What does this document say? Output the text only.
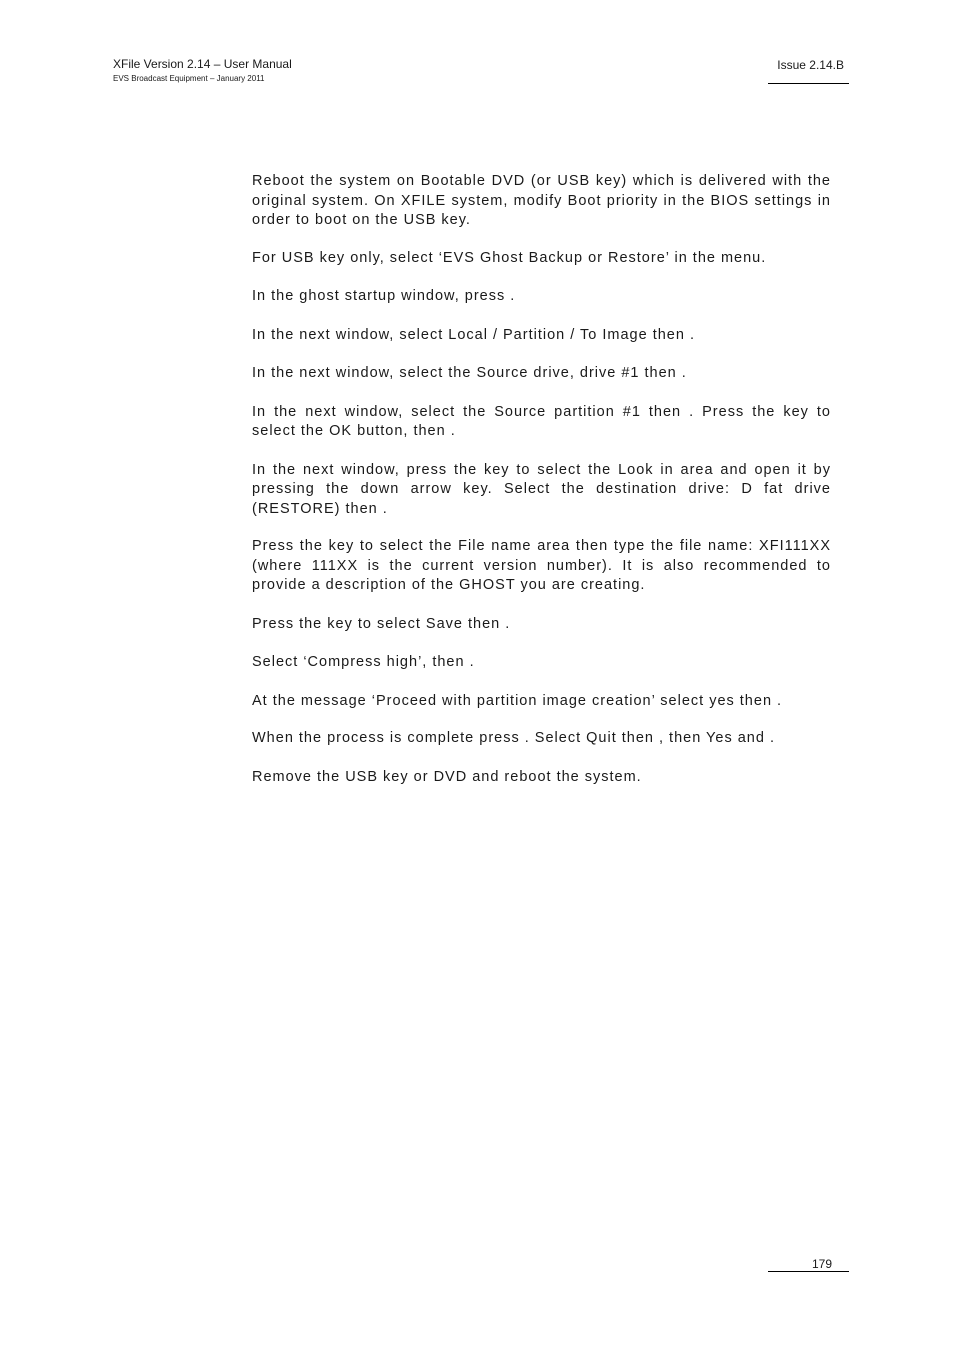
XFile Version 2.14 – User Manual
EVS Broadcast Equipment – January 2011
Issue 2.14.B

Reboot the system on Bootable DVD (or USB key) which is delivered with the original system. On XFILE system, modify Boot priority in the BIOS settings in order to boot on the USB key.

For USB key only, select ‘EVS Ghost Backup or Restore’ in the menu.

In the ghost startup window, press .

In the next window, select Local / Partition / To Image then .

In the next window, select the Source drive, drive #1 then .

In the next window, select the Source partition #1 then . Press the key to select the OK button, then .

In the next window, press the key to select the Look in area and open it by pressing the down arrow key. Select the destination drive: D fat drive (RESTORE) then .

Press the key to select the File name area then type the file name: XFI111XX (where 111XX is the current version number). It is also recommended to provide a description of the GHOST you are creating.

Press the key to select Save then .

Select ‘Compress high’, then .

At the message ‘Proceed with partition image creation’ select yes then .

When the process is complete press . Select Quit then , then Yes and .

Remove the USB key or DVD and reboot the system.

179
